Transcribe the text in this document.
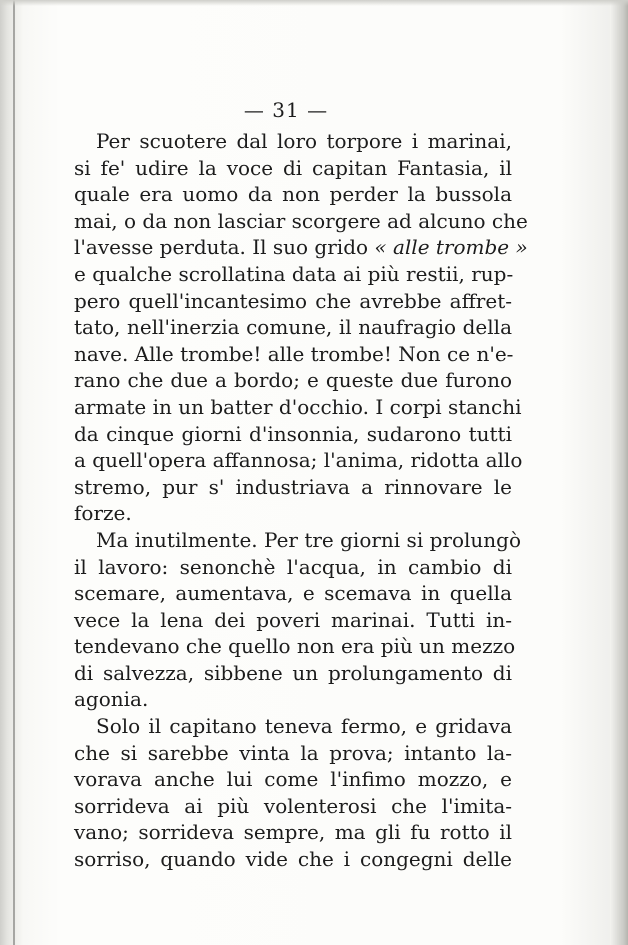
— 31 —
Per scuotere dal loro torpore i marinai,
si fe' udire la voce di capitan Fantasia, il
quale era uomo da non perder la bussola
mai, o da non lasciar scorgere ad alcuno che
l'avesse perduta. Il suo grido « alle trombe »
e qualche scrollatina data ai più restii, rup-
pero quell'incantesimo che avrebbe affret-
tato, nell'inerzia comune, il naufragio della
nave. Alle trombe! alle trombe! Non ce n'e-
rano che due a bordo; e queste due furono
armate in un batter d'occhio. I corpi stanchi
da cinque giorni d'insonnia, sudarono tutti
a quell'opera affannosa; l'anima, ridotta allo
stremo, pur s' industriava a rinnovare le
forze.
Ma inutilmente. Per tre giorni si prolungò
il lavoro: senonchè l'acqua, in cambio di
scemare, aumentava, e scemava in quella
vece la lena dei poveri marinai. Tutti in-
tendevano che quello non era più un mezzo
di salvezza, sibbene un prolungamento di
agonia.
Solo il capitano teneva fermo, e gridava
che si sarebbe vinta la prova; intanto la-
vorava anche lui come l'infimo mozzo, e
sorrideva ai più volenterosi che l'imita-
vano; sorrideva sempre, ma gli fu rotto il
sorriso, quando vide che i congegni delle
